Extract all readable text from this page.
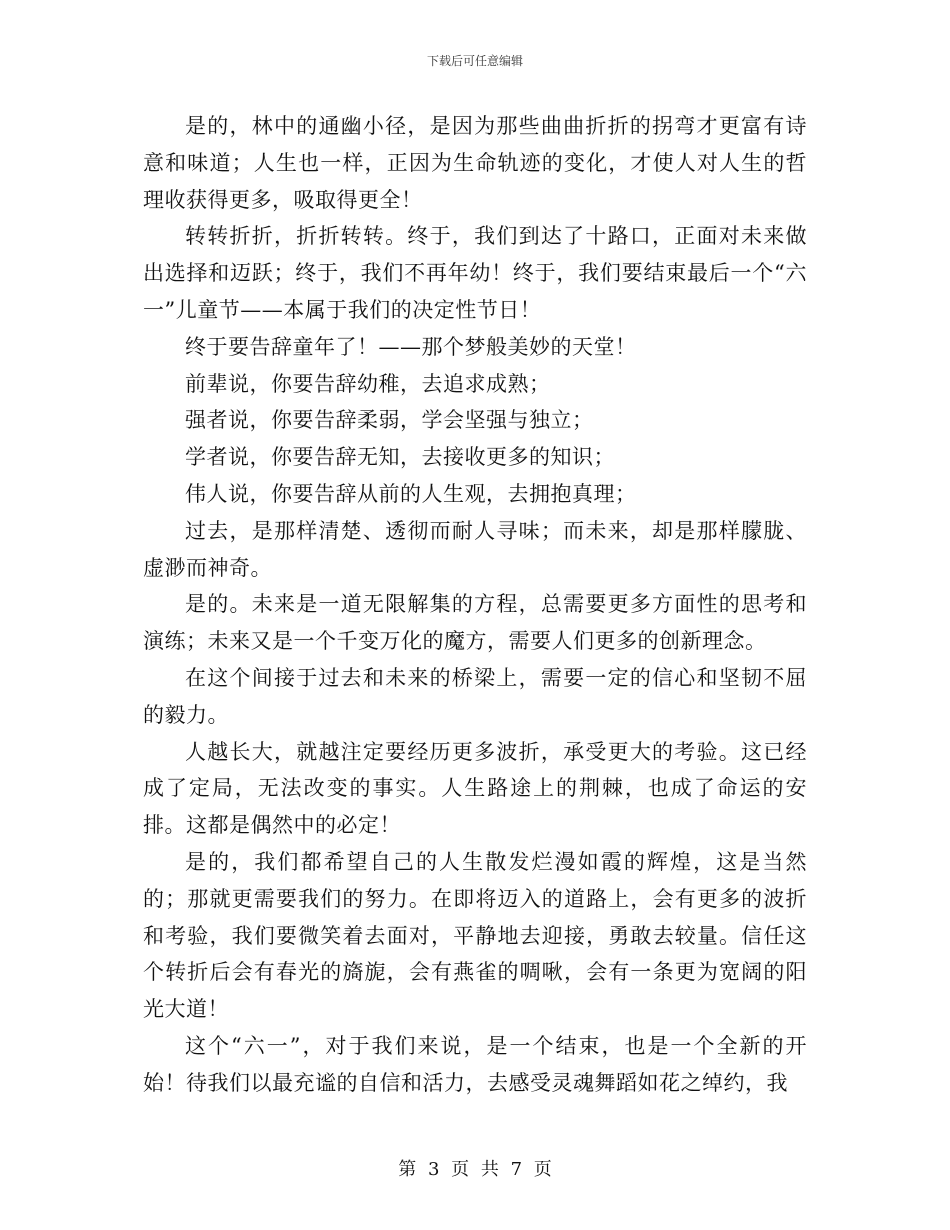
下载后可任意编辑

是的，林中的通幽小径，是因为那些曲曲折折的拐弯才更富有诗意和味道；人生也一样，正因为生命轨迹的变化，才使人对人生的哲理收获得更多，吸取得更全！

转转折折，折折转转。终于，我们到达了十路口，正面对未来做出选择和迈跃；终于，我们不再年幼！终于，我们要结束最后一个“六一”儿童节——本属于我们的决定性节日！

终于要告辞童年了！——那个梦般美妙的天堂！

前辈说，你要告辞幼稚，去追求成熟；

强者说，你要告辞柔弱，学会坚强与独立；

学者说，你要告辞无知，去接收更多的知识；

伟人说，你要告辞从前的人生观，去拥抱真理；

过去，是那样清楚、透彻而耐人寻味；而未来，却是那样朦胧、虚渺而神奇。

是的。未来是一道无限解集的方程，总需要更多方面性的思考和演练；未来又是一个千变万化的魔方，需要人们更多的创新理念。

在这个间接于过去和未来的桥梁上，需要一定的信心和坚韧不屈的毅力。

人越长大，就越注定要经历更多波折，承受更大的考验。这已经成了定局，无法改变的事实。人生路途上的荆棘，也成了命运的安排。这都是偶然中的必定！

是的，我们都希望自己的人生散发烂漫如霞的辉煌，这是当然的；那就更需要我们的努力。在即将迈入的道路上，会有更多的波折和考验，我们要微笑着去面对，平静地去迎接，勇敢去较量。信任这个转折后会有春光的旖旎，会有燕雀的啁啾，会有一条更为宽阔的阳光大道！

这个“六一”，对于我们来说，是一个结束，也是一个全新的开始！待我们以最充谧的自信和活力，去感受灵魂舞蹈如花之绰约，我

第 3 页 共 7 页
